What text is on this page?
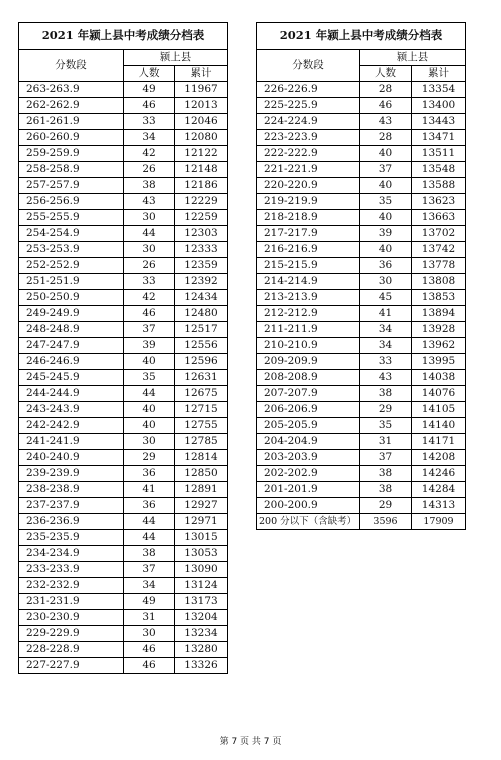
2021 年颍上县中考成绩分档表		
分数段	颍上县	
	人数	累计
263-263.9	49	11967
262-262.9	46	12013
261-261.9	33	12046
260-260.9	34	12080
259-259.9	42	12122
258-258.9	26	12148
257-257.9	38	12186
256-256.9	43	12229
255-255.9	30	12259
254-254.9	44	12303
253-253.9	30	12333
252-252.9	26	12359
251-251.9	33	12392
250-250.9	42	12434
249-249.9	46	12480
248-248.9	37	12517
247-247.9	39	12556
246-246.9	40	12596
245-245.9	35	12631
244-244.9	44	12675
243-243.9	40	12715
242-242.9	40	12755
241-241.9	30	12785
240-240.9	29	12814
239-239.9	36	12850
238-238.9	41	12891
237-237.9	36	12927
236-236.9	44	12971
235-235.9	44	13015
234-234.9	38	13053
233-233.9	37	13090
232-232.9	34	13124
231-231.9	49	13173
230-230.9	31	13204
229-229.9	30	13234
228-228.9	46	13280
227-227.9	46	13326
2021 年颍上县中考成绩分档表		
分数段	颍上县	
	人数	累计
226-226.9	28	13354
225-225.9	46	13400
224-224.9	43	13443
223-223.9	28	13471
222-222.9	40	13511
221-221.9	37	13548
220-220.9	40	13588
219-219.9	35	13623
218-218.9	40	13663
217-217.9	39	13702
216-216.9	40	13742
215-215.9	36	13778
214-214.9	30	13808
213-213.9	45	13853
212-212.9	41	13894
211-211.9	34	13928
210-210.9	34	13962
209-209.9	33	13995
208-208.9	43	14038
207-207.9	38	14076
206-206.9	29	14105
205-205.9	35	14140
204-204.9	31	14171
203-203.9	37	14208
202-202.9	38	14246
201-201.9	38	14284
200-200.9	29	14313
200 分以下（含缺考）	3596	17909
第 7 页 共 7 页
